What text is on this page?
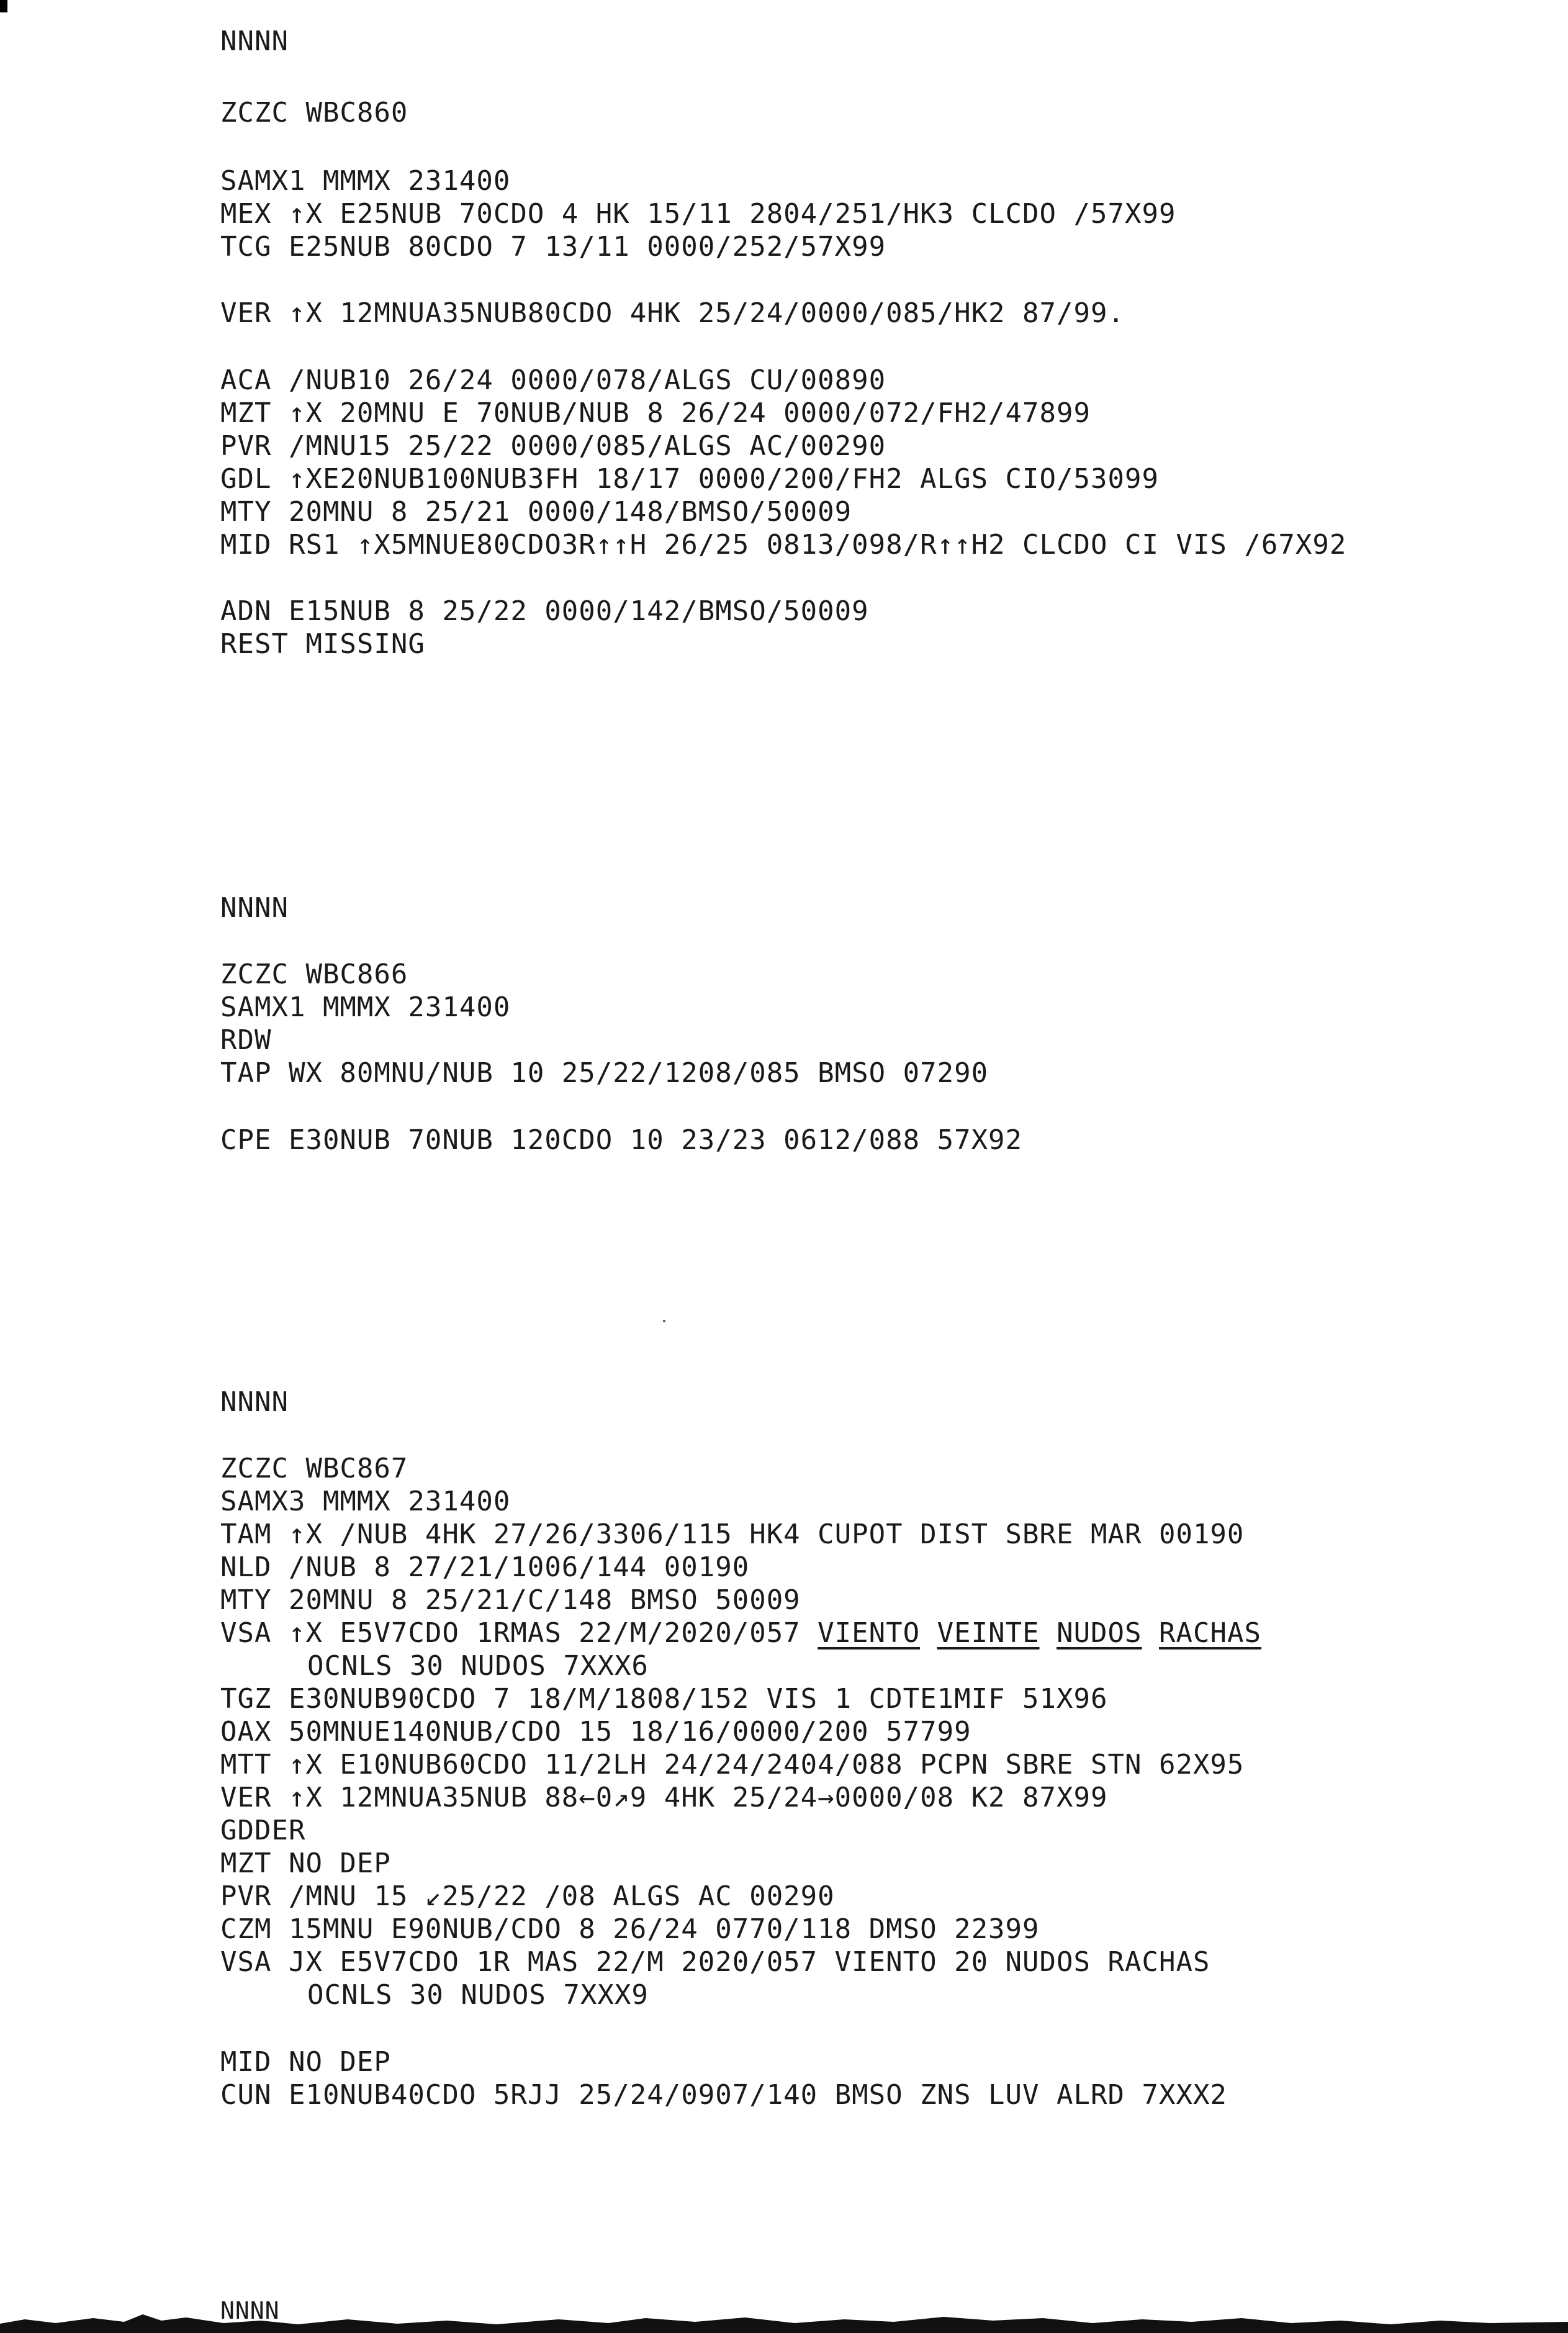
NNNN
ZCZC WBC860
SAMX1 MMMX 231400
MEX ↑X E25NUB 70CDO 4 HK 15/11 2804/251/HK3 CLCDO /57X99
TCG E25NUB 80CDO 7 13/11 0000/252/57X99
VER ↑X 12MNUA35NUB80CDO 4HK 25/24/0000/085/HK2 87/99.
ACA /NUB10 26/24 0000/078/ALGS CU/00890
MZT ↑X 20MNU E 70NUB/NUB 8 26/24 0000/072/FH2/47899
PVR /MNU15 25/22 0000/085/ALGS AC/00290
GDL ↑XE20NUB100NUB3FH 18/17 0000/200/FH2 ALGS CIO/53099
MTY 20MNU 8 25/21 0000/148/BMSO/50009
MID RS1 ↑X5MNUE80CDO3R↑↑H 26/25 0813/098/R↑↑H2 CLCDO CI VIS /67X92
ADN E15NUB 8 25/22 0000/142/BMSO/50009
REST MISSING
NNNN
ZCZC WBC866
SAMX1 MMMX 231400
RDW
TAP WX 80MNU/NUB 10 25/22/1208/085 BMSO 07290
CPE E30NUB 70NUB 120CDO 10 23/23 0612/088 57X92
NNNN
ZCZC WBC867
SAMX3 MMMX 231400
TAM ↑X /NUB 4HK 27/26/3306/115 HK4 CUPOT DIST SBRE MAR 00190
NLD /NUB 8 27/21/1006/144 00190
MTY 20MNU 8 25/21/C/148 BMSO 50009
VSA ↑X E5V7CDO 1RMAS 22/M/2020/057 VIENTO VEINTE NUDOS RACHAS
OCNLS 30 NUDOS 7XXX6
TGZ E30NUB90CDO 7 18/M/1808/152 VIS 1 CDTE1MIF 51X96
OAX 50MNUE140NUB/CDO 15 18/16/0000/200 57799
MTT ↑X E10NUB60CDO 11/2LH 24/24/2404/088 PCPN SBRE STN 62X95
VER ↑X 12MNUA35NUB 88←0↗9 4HK 25/24→0000/08 K2 87X99
GDDER
MZT NO DEP
PVR /MNU 15 ↙25/22 /08 ALGS AC 00290
CZM 15MNU E90NUB/CDO 8 26/24 0770/118 DMSO 22399
VSA JX E5V7CDO 1R MAS 22/M 2020/057 VIENTO 20 NUDOS RACHAS
OCNLS 30 NUDOS 7XXX9
MID NO DEP
CUN E10NUB40CDO 5RJJ 25/24/0907/140 BMSO ZNS LUV ALRD 7XXX2
NNNN
